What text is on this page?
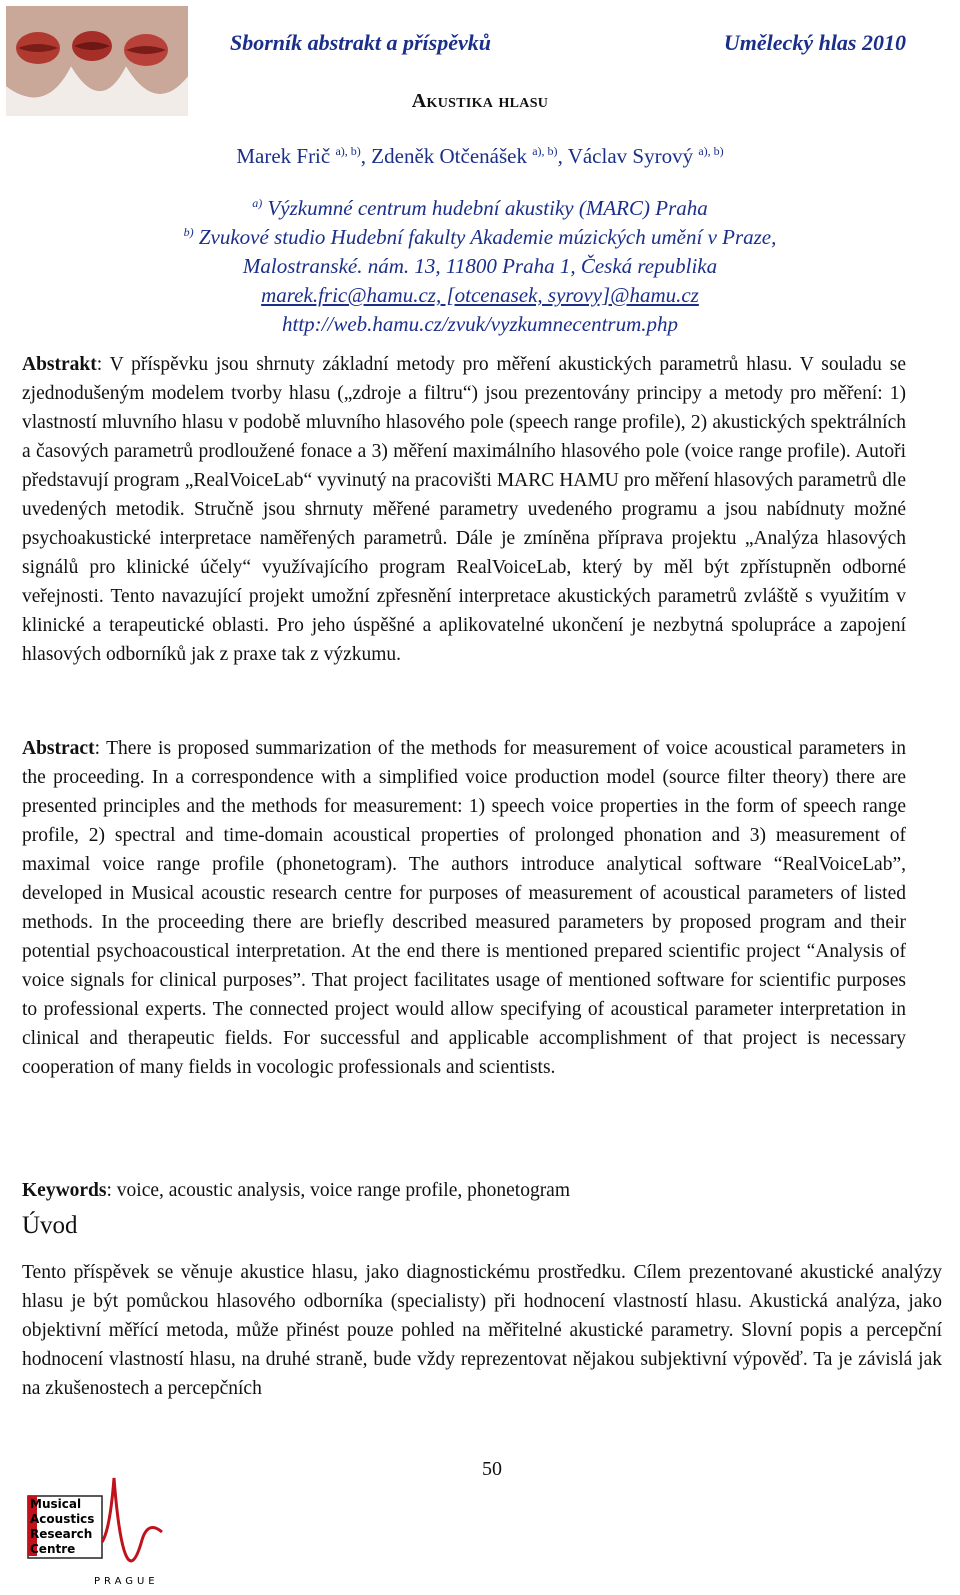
Sborník abstrakt a příspěvků	Umělecký hlas 2010
Akustika hlasu
Marek Frič $^{a), b)}$, Zdeněk Otčenášek $^{a), b)}$, Václav Syrový $^{a), b)}$
$^{a)}$ Výzkumné centrum hudební akustiky (MARC) Praha
$^{b)}$ Zvukové studio Hudební fakulty Akademie múzických umění v Praze,
Malostranské. nám. 13, 11800 Praha 1, Česká republika
marek.fric@hamu.cz, [otcenasek, syrovy]@hamu.cz
http://web.hamu.cz/zvuk/vyzkumnecentrum.php
Abstrakt: V příspěvku jsou shrnuty základní metody pro měření akustických parametrů hlasu. V souladu se zjednodušeným modelem tvorby hlasu („zdroje a filtru“) jsou prezentovány principy a metody pro měření: 1) vlastností mluvního hlasu v podobě mluvního hlasového pole (speech range profile), 2) akustických spektrálních a časových parametrů prodloužené fonace a 3) měření maximálního hlasového pole (voice range profile). Autoři představují program „RealVoiceLab“ vyvinutý na pracovišti MARC HAMU pro měření hlasových parametrů dle uvedených metodik. Stručně jsou shrnuty měřené parametry uvedeného programu a jsou nabídnuty možné psychoakustické interpretace naměřených parametrů. Dále je zmíněna příprava projektu „Analýza hlasových signálů pro klinické účely“ využívajícího program RealVoiceLab, který by měl být zpřístupněn odborné veřejnosti. Tento navazující projekt umožní zpřesnění interpretace akustických parametrů zvláště s využitím v klinické a terapeutické oblasti. Pro jeho úspěšné a aplikovatelné ukončení je nezbytná spolupráce a zapojení hlasových odborníků jak z praxe tak z výzkumu.
Abstract: There is proposed summarization of the methods for measurement of voice acoustical parameters in the proceeding. In a correspondence with a simplified voice production model (source filter theory) there are presented principles and the methods for measurement: 1) speech voice properties in the form of speech range profile, 2) spectral and time-domain acoustical properties of prolonged phonation and 3) measurement of maximal voice range profile (phonetogram). The authors introduce analytical software “RealVoiceLab”, developed in Musical acoustic research centre for purposes of measurement of acoustical parameters of listed methods. In the proceeding there are briefly described measured parameters by proposed program and their potential psychoacoustical interpretation. At the end there is mentioned prepared scientific project “Analysis of voice signals for clinical purposes”. That project facilitates usage of mentioned software for scientific purposes to professional experts. The connected project would allow specifying of acoustical parameter interpretation in clinical and therapeutic fields. For successful and applicable accomplishment of that project is necessary cooperation of many fields in vocologic professionals and scientists.
Keywords: voice, acoustic analysis, voice range profile, phonetogram
Úvod
Tento příspěvek se věnuje akustice hlasu, jako diagnostickému prostředku. Cílem prezentované akustické analýzy hlasu je být pomůckou hlasového odborníka (specialisty) při hodnocení vlastností hlasu. Akustická analýza, jako objektivní měřící metoda, může přinést pouze pohled na měřitelné akustické parametry. Slovní popis a percepční hodnocení vlastností hlasu, na druhé straně, bude vždy reprezentovat nějakou subjektivní výpověď. Ta je závislá jak na zkušenostech a percepčních
50
Musical
Acoustics
Research
Centre
PRAGUE
